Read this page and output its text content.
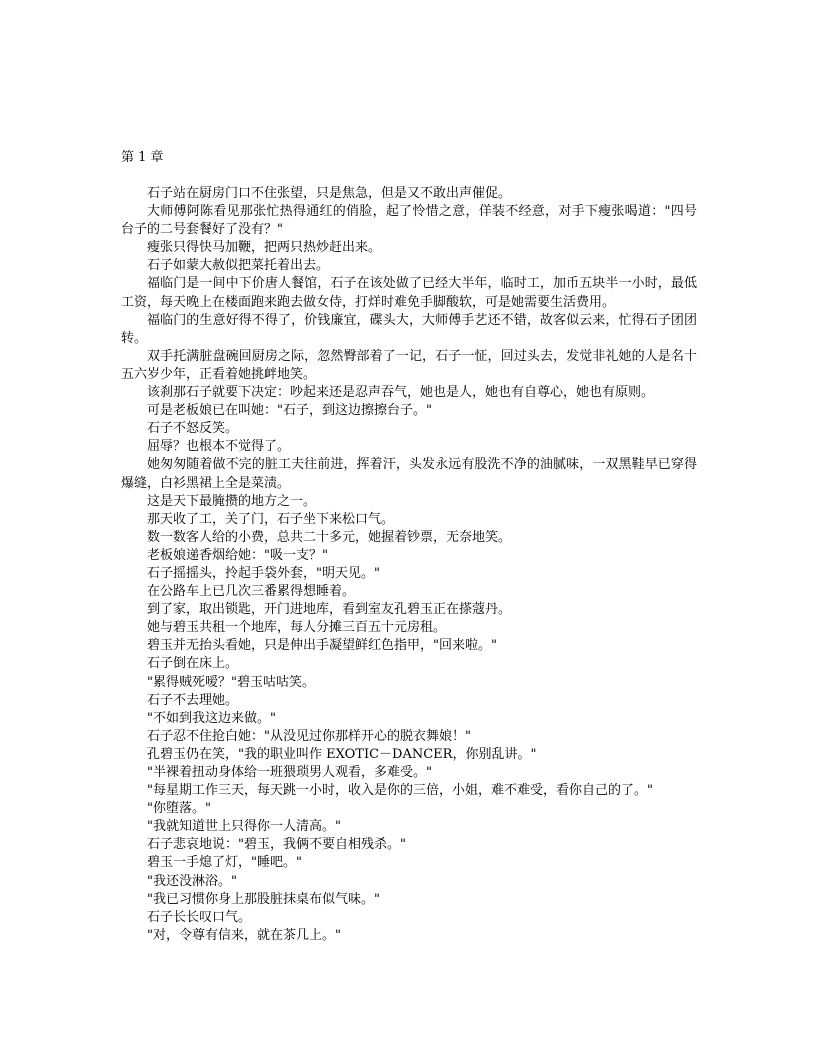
第 1 章

石子站在厨房门口不住张望，只是焦急，但是又不敢出声催促。

大师傅阿陈看见那张忙热得通红的俏脸，起了怜惜之意，佯装不经意，对手下瘦张喝道："四号台子的二号套餐好了没有？"

瘦张只得快马加鞭，把两只热炒赶出来。

石子如蒙大赦似把菜托着出去。

福临门是一间中下价唐人餐馆，石子在该处做了已经大半年，临时工，加币五块半一小时，最低工资，每天晚上在楼面跑来跑去做女侍，打烊时难免手脚酸软，可是她需要生活费用。

福临门的生意好得不得了，价钱廉宜，碟头大，大师傅手艺还不错，故客似云来，忙得石子团团转。

双手托满脏盘碗回厨房之际，忽然臀部着了一记，石子一怔，回过头去，发觉非礼她的人是名十五六岁少年，正看着她挑衅地笑。

该刹那石子就要下决定：吵起来还是忍声吞气，她也是人，她也有自尊心，她也有原则。

可是老板娘已在叫她："石子，到这边擦擦台子。"

石子不怒反笑。

屈辱？也根本不觉得了。

她匆匆随着做不完的脏工夫往前进，挥着汗，头发永远有股洗不净的油腻味，一双黑鞋早已穿得爆缝，白衫黑裙上全是菜渍。

这是天下最腌攒的地方之一。

那天收了工，关了门，石子坐下来松口气。

数一数客人给的小费，总共二十多元，她握着钞票，无奈地笑。

老板娘递香烟给她："吸一支？"

石子摇摇头，拎起手袋外套，"明天见。"

在公路车上已几次三番累得想睡着。

到了家，取出锁匙，开门进地库，看到室友孔碧玉正在搽蔻丹。

她与碧玉共租一个地库，每人分摊三百五十元房租。

碧玉并无抬头看她，只是伸出手凝望鲜红色指甲，"回来啦。"

石子倒在床上。

"累得贼死嗳？"碧玉咕咕笑。

石子不去理她。

"不如到我这边来做。"

石子忍不住抢白她："从没见过你那样开心的脱衣舞娘！"

孔碧玉仍在笑，"我的职业叫作 EXOTIC－DANCER，你别乱讲。"

"半裸着扭动身体给一班猥琐男人观看，多难受。"

"每星期工作三天，每天跳一小时，收入是你的三倍，小姐，难不难受，看你自己的了。"

"你堕落。"

"我就知道世上只得你一人清高。"

石子悲哀地说："碧玉，我俩不要自相残杀。"

碧玉一手熄了灯，"睡吧。"

"我还没淋浴。"

"我已习惯你身上那股脏抹桌布似气味。"

石子长长叹口气。

"对，令尊有信来，就在茶几上。"
